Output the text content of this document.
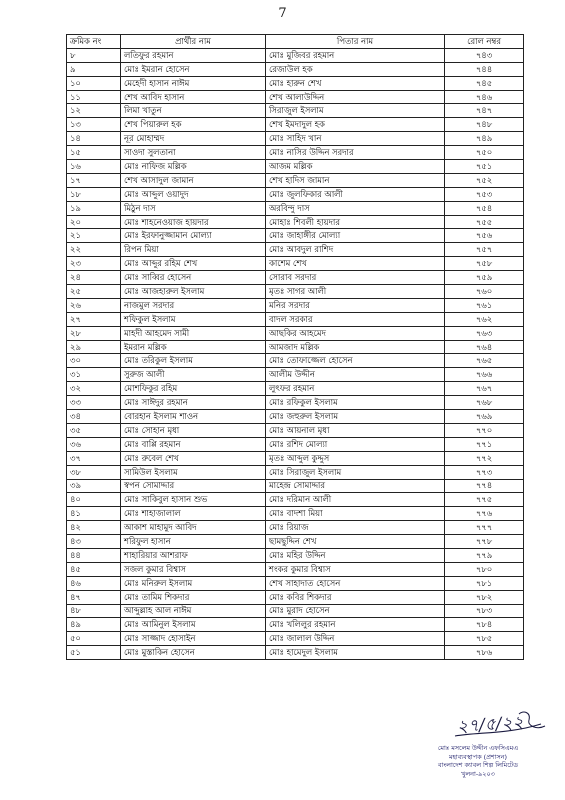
7
ক্রমিক নং	প্রার্থীর নাম	পিতার নাম	রোল নম্বর
৮	লতিফুর রহমান	মোঃ মুজিবর রহমান	৭৪৩
৯	মোঃ ইমরান হোসেন	রেজাউল হক	৭৪৪
১০	মেহেদী হাসান নাঈম	মোঃ হারুন শেখ	৭৪৫
১১	শেখ আবিদ হাসান	শেখ আলাউদ্দিন	৭৪৬
১২	লিমা খাতুন	সিরাজুল ইসলাম	৭৪৭
১৩	শেখ পিয়ারুল হক	শেখ ইমদাদুল হক	৭৪৮
১৪	নূর মোহাম্মদ	মোঃ সাহিদ খান	৭৪৯
১৫	সাওদা সুলতানা	মোঃ নাসির উদ্দিন সরদার	৭৫০
১৬	মোঃ নাফিজ মল্লিক	আজম মল্লিক	৭৫১
১৭	শেখ আসাদুল জামান	শেখ হাদিস জামান	৭৫২
১৮	মোঃ আব্দুল ওয়াদুদ	মোঃ জুলফিকার আলী	৭৫৩
১৯	মিঠুন দাস	অরবিন্দু দাস	৭৫৪
২০	মোঃ শাহনেওয়াজ হায়দার	মোহাঃ শিবলী হায়দার	৭৫৫
২১	মোঃ ইরফানুজ্জামান মোল্যা	মোঃ জাহাঙ্গীর মোল্যা	৭৫৬
২২	রিপন মিয়া	মোঃ আবদুল রাশিদ	৭৫৭
২৩	মোঃ আব্দুর রহিম শেখ	কাশেম শেখ	৭৫৮
২৪	মোঃ সাব্বির হোসেন	সোরাব সরদার	৭৫৯
২৫	মোঃ আজহারুল ইসলাম	মৃতঃ সাগর আলী	৭৬০
২৬	নাজমুল সরদার	মনির সরদার	৭৬১
২৭	শফিকুল ইসলাম	বাদল সরকার	৭৬২
২৮	মাহদী আহমেদ সামী	আছকির আহমেদ	৭৬৩
২৯	ইমরান মল্লিক	আমজাদ মল্লিক	৭৬৪
৩০	মোঃ তরিকুল ইসলাম	মোঃ তোফাজ্জেল হোসেন	৭৬৫
৩১	সুরুজ আলী	আলীম উদ্দীন	৭৬৬
৩২	মোশফিকুর রহিম	লুৎফর রহমান	৭৬৭
৩৩	মোঃ সাঈদুর রহমান	মোঃ রফিকুল ইসলাম	৭৬৮
৩৪	বোরহান ইসলাম শাওন	মোঃ জহুরুল ইসলাম	৭৬৯
৩৫	মোঃ সোহান মৃধা	মোঃ আয়নাল মৃধা	৭৭০
৩৬	মোঃ বাপ্পি রহমান	মোঃ রশিদ মোল্যা	৭৭১
৩৭	মোঃ রুবেল শেখ	মৃতঃ আব্দুল কুদ্দুস	৭৭২
৩৮	সামিউল ইসলাম	মোঃ সিরাজুল ইসলাম	৭৭৩
৩৯	স্বপন সোমাদ্দার	মাহেন্দ্র সোমাদ্দার	৭৭৪
৪০	মোঃ সাকিবুল হাসান শুভ	মোঃ দরিমান আলী	৭৭৫
৪১	মোঃ শাহাজালাল	মোঃ বাদশা মিয়া	৭৭৬
৪২	আকাশ মাহামুদ আবিদ	মোঃ রিয়াজ	৭৭৭
৪৩	শরিফুল হাসান	ছামছুদ্দিন শেখ	৭৭৮
৪৪	শাহারিয়ার আশরাফ	মোঃ মহির উদ্দিন	৭৭৯
৪৫	সজল কুমার বিশ্বাস	শংকর কুমার বিশ্বাস	৭৮০
৪৬	মোঃ মনিরুল ইসলাম	শেখ সাহাদাত হোসেন	৭৮১
৪৭	মোঃ তামিম শিকদার	মোঃ কবির শিকদার	৭৮২
৪৮	আব্দুল্লাহ আল নাঈম	মোঃ মুরাদ হোসেন	৭৮৩
৪৯	মোঃ আমিনুল ইসলাম	মোঃ খলিলুর রহমান	৭৮৪
৫০	মোঃ সাজ্জাদ হোসাইন	মোঃ জালাল উদ্দিন	৭৮৫
৫১	মোঃ মুস্তাকিন হোসেন	মোঃ হামেদুল ইসলাম	৭৮৬
২৭/৫/২২
মোঃ মসলেম উদ্দীন এফসিএমএ
মহাব্যবস্থাপক (প্রশাসন)
বাংলাদেশ ক্যাবল শিল্প লিমিটেড
খুলনা-৯২০৩
